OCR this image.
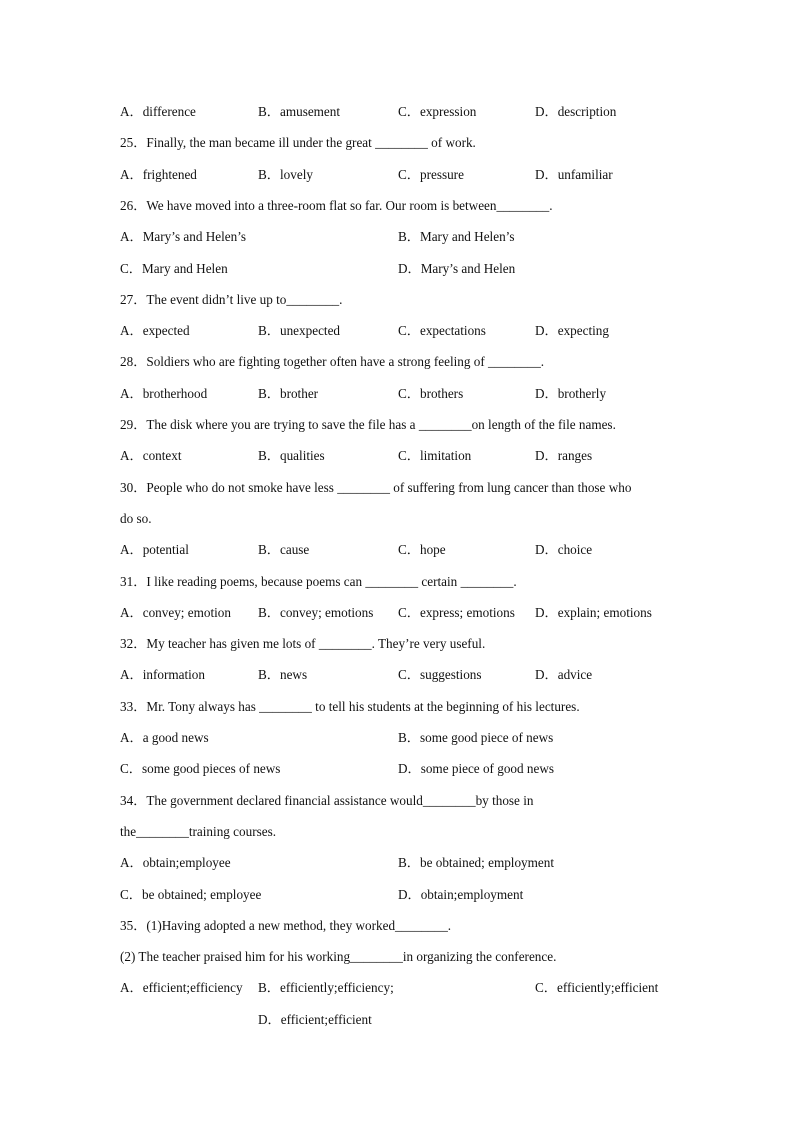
A．difference	B．amusement	C．expression	D．description
25．Finally, the man became ill under the great ________ of work.
A．frightened	B．lovely	C．pressure	D．unfamiliar
26．We have moved into a three-room flat so far. Our room is between________.
A．Mary’s and Helen’s	B．Mary and Helen’s
C．Mary and Helen	D．Mary’s and Helen
27．The event didn’t live up to________.
A．expected	B．unexpected	C．expectations	D．expecting
28．Soldiers who are fighting together often have a strong feeling of ________.
A．brotherhood	B．brother	C．brothers	D．brotherly
29．The disk where you are trying to save the file has a ________on length of the file names.
A．context	B．qualities	C．limitation	D．ranges
30．People who do not smoke have less ________ of suffering from lung cancer than those who
do so.
A．potential	B．cause	C．hope	D．choice
31．I like reading poems, because poems can ________ certain ________.
A．convey; emotion B．convey; emotions C．express; emotions D．explain; emotions
32．My teacher has given me lots of ________. They’re very useful.
A．information	B．news	C．suggestions	D．advice
33．Mr. Tony always has ________ to tell his students at the beginning of his lectures.
A．a good news	B．some good piece of news
C．some good pieces of news	D．some piece of good news
34．The government declared financial assistance would________by those in
the________training courses.
A．obtain;employee	B．be obtained; employment
C．be obtained; employee	D．obtain;employment
35．(1)Having adopted a new method, they worked________.
(2) The teacher praised him for his working________in organizing the conference.
A．efficient;efficiency B．efficiently;efficiency;	C．efficiently;efficient
D．efficient;efficient
